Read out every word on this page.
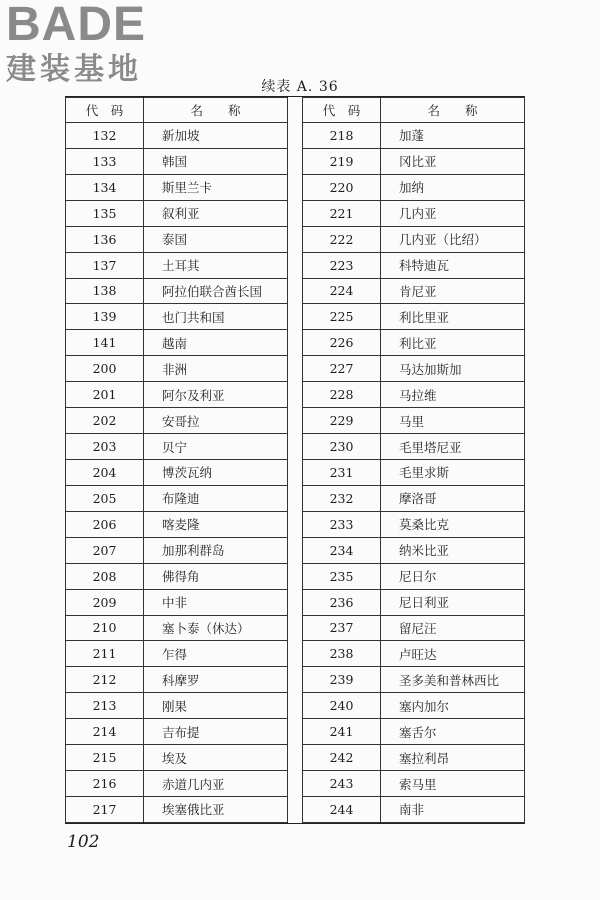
BADE
建装基地	续表 A. 36
代　码	名　　称
132	新加坡
133	韩国
134	斯里兰卡
135	叙利亚
136	泰国
137	土耳其
138	阿拉伯联合酋长国
139	也门共和国
141	越南
200	非洲
201	阿尔及利亚
202	安哥拉
203	贝宁
204	博茨瓦纳
205	布隆迪
206	喀麦隆
207	加那利群岛
208	佛得角
209	中非
210	塞卜泰（休达）
211	乍得
212	科摩罗
213	刚果
214	吉布提
215	埃及
216	赤道几内亚
217	埃塞俄比亚
代　码	名　　称
218	加蓬
219	冈比亚
220	加纳
221	几内亚
222	几内亚（比绍）
223	科特迪瓦
224	肯尼亚
225	利比里亚
226	利比亚
227	马达加斯加
228	马拉维
229	马里
230	毛里塔尼亚
231	毛里求斯
232	摩洛哥
233	莫桑比克
234	纳米比亚
235	尼日尔
236	尼日利亚
237	留尼汪
238	卢旺达
239	圣多美和普林西比
240	塞内加尔
241	塞舌尔
242	塞拉利昂
243	索马里
244	南非
102
